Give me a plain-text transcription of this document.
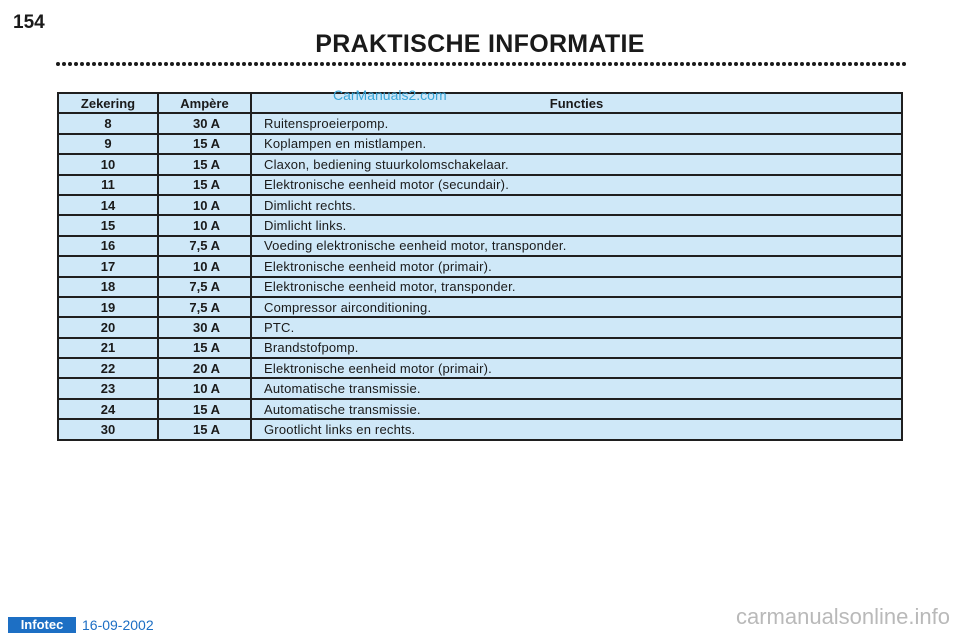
154
PRAKTISCHE INFORMATIE
Zekering	Ampère	Functies
8	30 A	Ruitensproeierpomp.
9	15 A	Koplampen en mistlampen.
10	15 A	Claxon, bediening stuurkolomschakelaar.
11	15 A	Elektronische eenheid motor (secundair).
14	10 A	Dimlicht rechts.
15	10 A	Dimlicht links.
16	7,5 A	Voeding elektronische eenheid motor, transponder.
17	10 A	Elektronische eenheid motor (primair).
18	7,5 A	Elektronische eenheid motor, transponder.
19	7,5 A	Compressor airconditioning.
20	30 A	PTC.
21	15 A	Brandstofpomp.
22	20 A	Elektronische eenheid motor (primair).
23	10 A	Automatische transmissie.
24	15 A	Automatische transmissie.
30	15 A	Grootlicht links en rechts.
CarManuals2.com
Infotec	16-09-2002	carmanualsonline.info
